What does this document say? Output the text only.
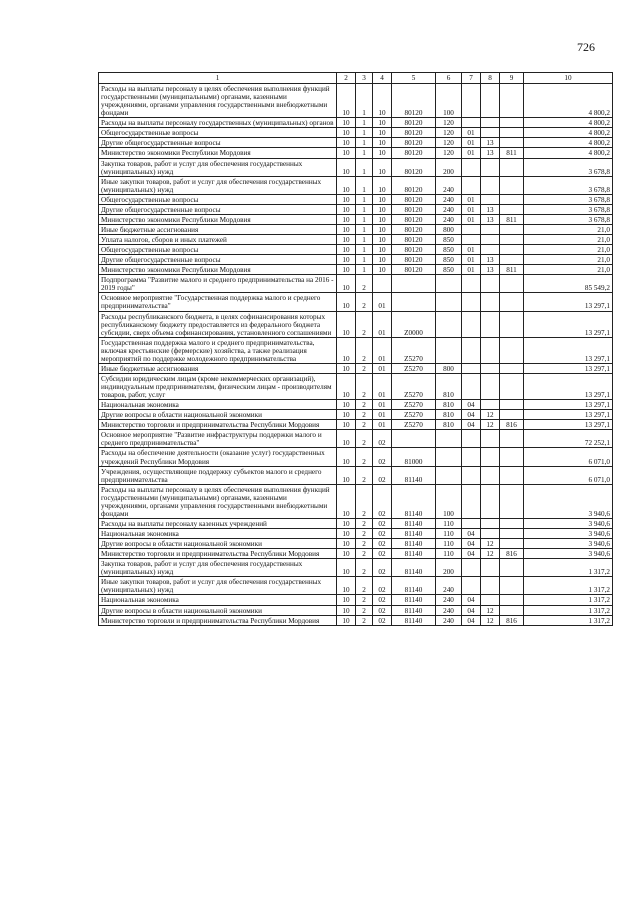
726
1	2	3	4	5	6	7	8	9	10
Расходы на выплаты персоналу в целях обеспечения выполнения функций государственными (муниципальными) органами, казенными учреждениями, органами управления государственными внебюджетными фондами	10	1	10	80120	100				4 800,2
Расходы на выплаты персоналу государственных (муниципальных) органов	10	1	10	80120	120				4 800,2
Общегосударственные вопросы	10	1	10	80120	120	01			4 800,2
Другие общегосударственные вопросы	10	1	10	80120	120	01	13		4 800,2
Министерство экономики Республики Мордовия	10	1	10	80120	120	01	13	811	4 800,2
Закупка товаров, работ и услуг для обеспечения государственных (муниципальных) нужд	10	1	10	80120	200				3 678,8
Иные закупки товаров, работ и услуг для обеспечения государственных (муниципальных) нужд	10	1	10	80120	240				3 678,8
Общегосударственные вопросы	10	1	10	80120	240	01			3 678,8
Другие общегосударственные вопросы	10	1	10	80120	240	01	13		3 678,8
Министерство экономики Республики Мордовия	10	1	10	80120	240	01	13	811	3 678,8
Иные бюджетные ассигнования	10	1	10	80120	800				21,0
Уплата налогов, сборов и иных платежей	10	1	10	80120	850				21,0
Общегосударственные вопросы	10	1	10	80120	850	01			21,0
Другие общегосударственные вопросы	10	1	10	80120	850	01	13		21,0
Министерство экономики Республики Мордовия	10	1	10	80120	850	01	13	811	21,0
Подпрограмма "Развитие малого и среднего предпринимательства на 2016 - 2019 годы"	10	2							85 549,2
Основное мероприятие "Государственная поддержка малого и среднего предпринимательства"	10	2	01						13 297,1
Расходы республиканского бюджета, в целях софинансирования которых республиканскому бюджету предоставляется из федерального бюджета субсидии, сверх объема софинансирования, установленного соглашениями	10	2	01	Z0000					13 297,1
Государственная поддержка малого и среднего предпринимательства, включая крестьянские (фермерские) хозяйства, а также реализация мероприятий по поддержке молодежного предпринимательства	10	2	01	Z5270					13 297,1
Иные бюджетные ассигнования	10	2	01	Z5270	800				13 297,1
Субсидии юридическим лицам (кроме некоммерческих организаций), индивидуальным предпринимателям, физическим лицам - производителям товаров, работ, услуг	10	2	01	Z5270	810				13 297,1
Национальная экономика	10	2	01	Z5270	810	04			13 297,1
Другие вопросы в области национальной экономики	10	2	01	Z5270	810	04	12		13 297,1
Министерство торговли и предпринимательства Республики Мордовия	10	2	01	Z5270	810	04	12	816	13 297,1
Основное мероприятие "Развитие инфраструктуры поддержки малого и среднего предпринимательства"	10	2	02						72 252,1
Расходы на обеспечение деятельности (оказание услуг) государственных учреждений Республики Мордовия	10	2	02	81000					6 071,0
Учреждения, осуществляющие поддержку субъектов малого и среднего предпринимательства	10	2	02	81140					6 071,0
Расходы на выплаты персоналу в целях обеспечения выполнения функций государственными (муниципальными) органами, казенными учреждениями, органами управления государственными внебюджетными фондами	10	2	02	81140	100				3 940,6
Расходы на выплаты персоналу казенных учреждений	10	2	02	81140	110				3 940,6
Национальная экономика	10	2	02	81140	110	04			3 940,6
Другие вопросы в области национальной экономики	10	2	02	81140	110	04	12		3 940,6
Министерство торговли и предпринимательства Республики Мордовия	10	2	02	81140	110	04	12	816	3 940,6
Закупка товаров, работ и услуг для обеспечения государственных (муниципальных) нужд	10	2	02	81140	200				1 317,2
Иные закупки товаров, работ и услуг для обеспечения государственных (муниципальных) нужд	10	2	02	81140	240				1 317,2
Национальная экономика	10	2	02	81140	240	04			1 317,2
Другие вопросы в области национальной экономики	10	2	02	81140	240	04	12		1 317,2
Министерство торговли и предпринимательства Республики Мордовия	10	2	02	81140	240	04	12	816	1 317,2
